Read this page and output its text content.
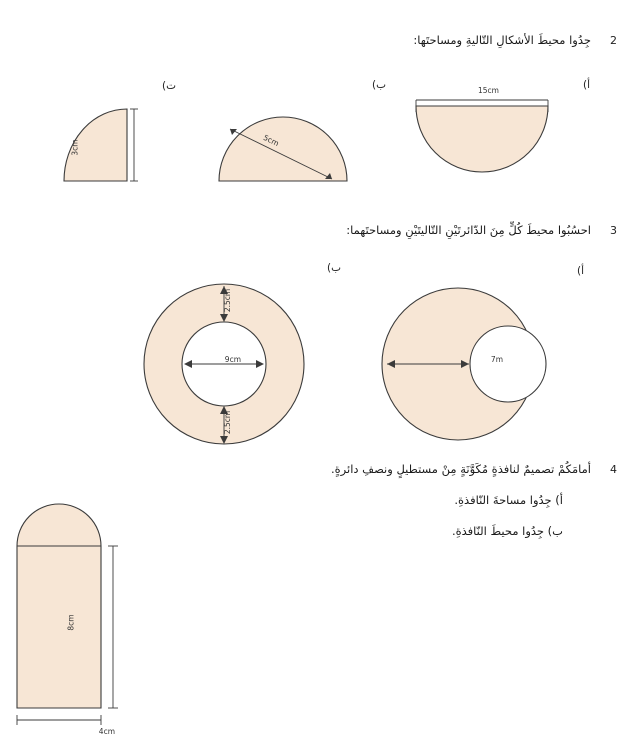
2
جِدُوا محيطَ الأشكالِ التّاليةِ ومساحتَها:
أ)
15cm
ب)
5cm
ت)
3cm
3
احسُبُوا محيطَ كُلٍّ مِنَ الدّائرتَيْنِ التّاليتَيْنِ ومساحتَهما:
أ)
7m
ب)
2.5cm
9cm
2.5cm
4
أمامَكُمْ تصميمٌ لنافذةٍ مُكَوَّنَةٍ مِنْ مستطيلٍ ونصفِ دائرةٍ.
أ) جِدُوا مساحةَ النّافذةِ.
ب) جِدُوا محيطَ النّافذةِ.
8cm
4cm
